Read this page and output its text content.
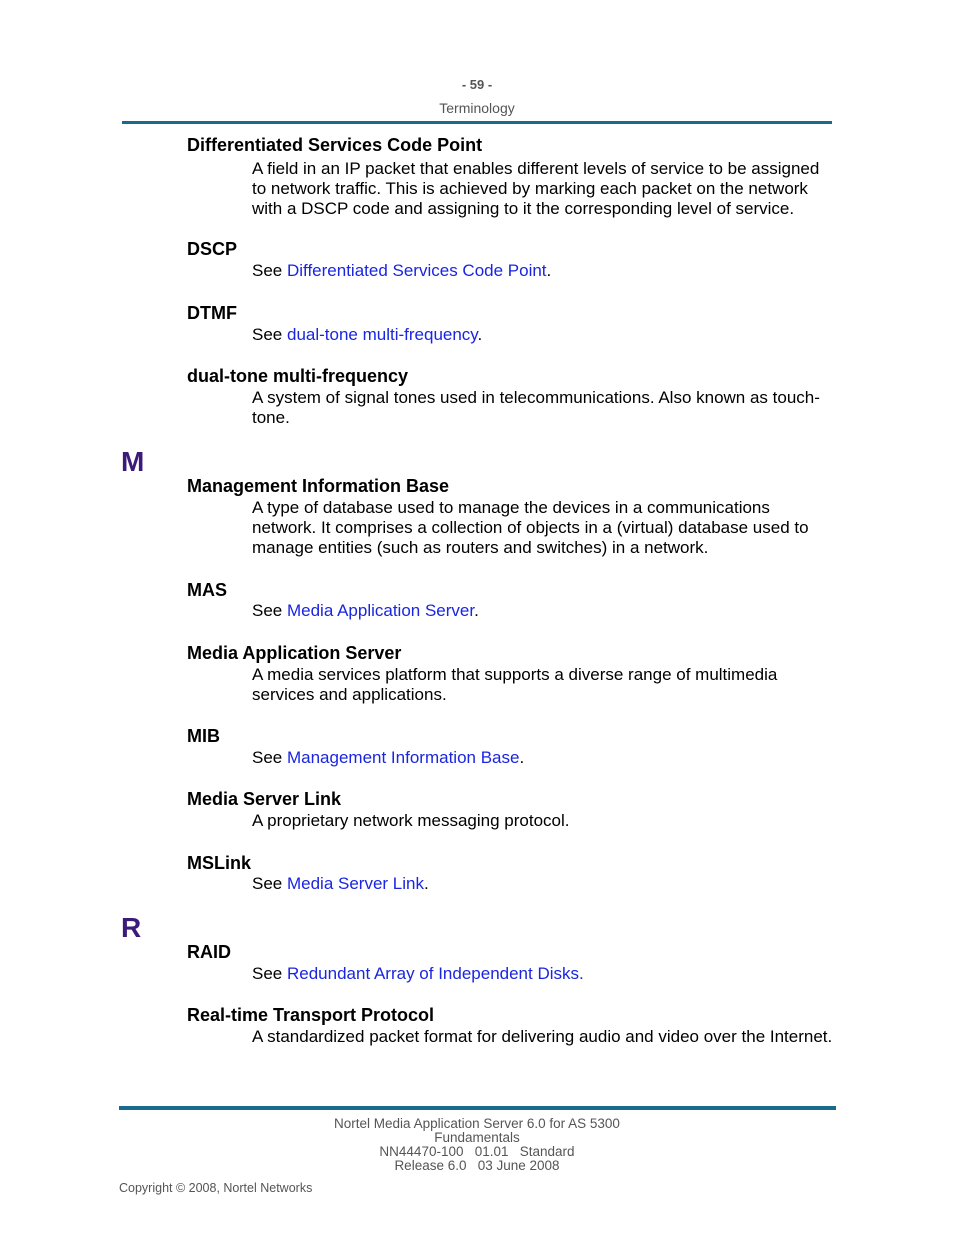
- 59 -
Terminology
Differentiated Services Code Point

A field in an IP packet that enables different levels of service to be assigned to network traffic. This is achieved by marking each packet on the network with a DSCP code and assigning to it the corresponding level of service.

DSCP

See Differentiated Services Code Point.

DTMF

See dual-tone multi-frequency.

dual-tone multi-frequency

A system of signal tones used in telecommunications. Also known as touch-tone.

M
Management Information Base

A type of database used to manage the devices in a communications network. It comprises a collection of objects in a (virtual) database used to manage entities (such as routers and switches) in a network.

MAS

See Media Application Server.

Media Application Server

A media services platform that supports a diverse range of multimedia services and applications.

MIB

See Management Information Base.

Media Server Link

A proprietary network messaging protocol.

MSLink

See Media Server Link.

R
RAID

See Redundant Array of Independent Disks.

Real-time Transport Protocol

A standardized packet format for delivering audio and video over the Internet.

Nortel Media Application Server 6.0 for AS 5300
Fundamentals
NN44470-100   01.01   Standard
Release 6.0   03 June 2008
Copyright © 2008, Nortel Networks
